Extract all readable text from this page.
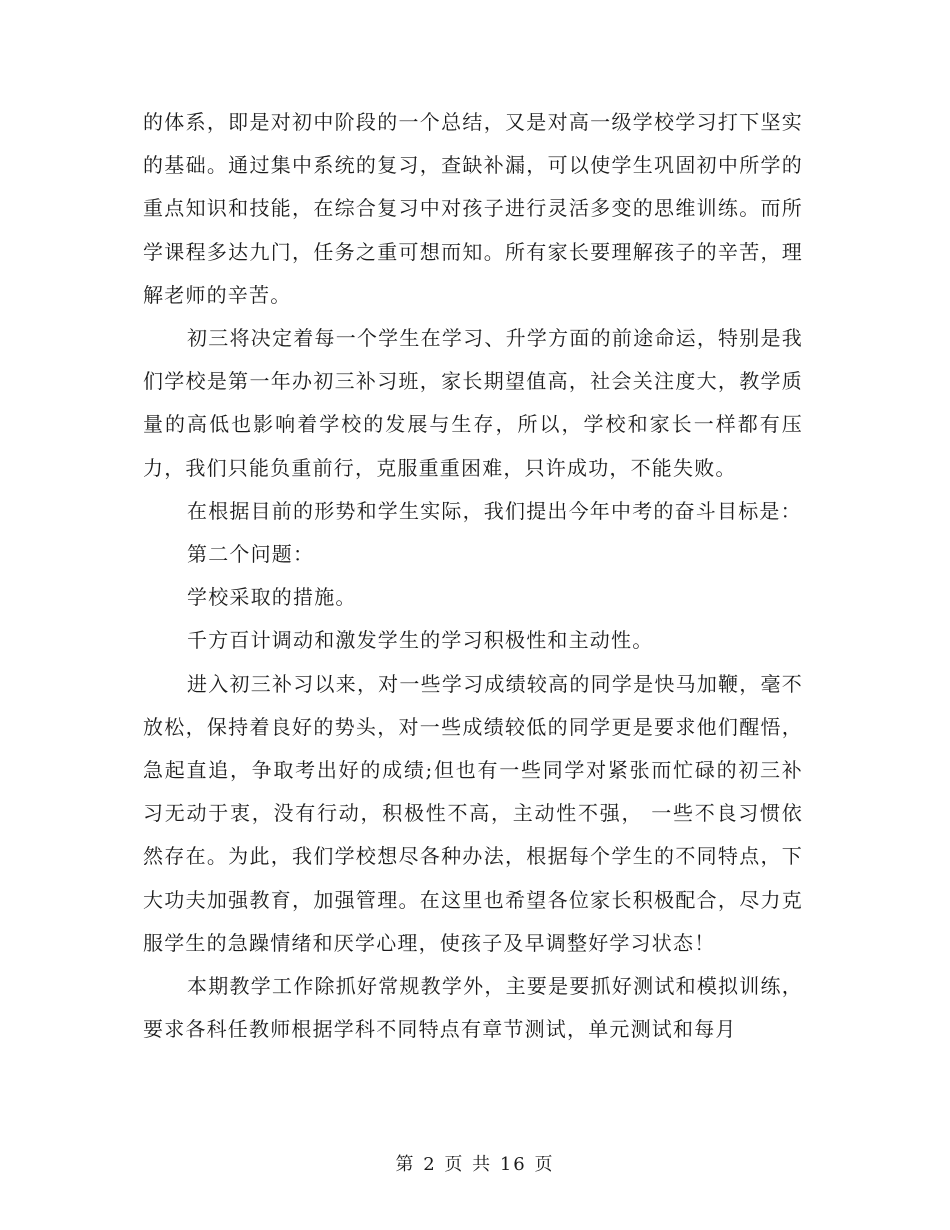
的体系，即是对初中阶段的一个总结，又是对高一级学校学习打下坚实的基础。通过集中系统的复习，查缺补漏，可以使学生巩固初中所学的重点知识和技能，在综合复习中对孩子进行灵活多变的思维训练。而所学课程多达九门，任务之重可想而知。所有家长要理解孩子的辛苦，理解老师的辛苦。

初三将决定着每一个学生在学习、升学方面的前途命运，特别是我们学校是第一年办初三补习班，家长期望值高，社会关注度大，教学质量的高低也影响着学校的发展与生存，所以，学校和家长一样都有压力，我们只能负重前行，克服重重困难，只许成功，不能失败。

在根据目前的形势和学生实际，我们提出今年中考的奋斗目标是：

第二个问题：

学校采取的措施。

千方百计调动和激发学生的学习积极性和主动性。

进入初三补习以来，对一些学习成绩较高的同学是快马加鞭，毫不放松，保持着良好的势头，对一些成绩较低的同学更是要求他们醒悟，急起直追，争取考出好的成绩;但也有一些同学对紧张而忙碌的初三补习无动于衷，没有行动，积极性不高，主动性不强， 一些不良习惯依然存在。为此，我们学校想尽各种办法，根据每个学生的不同特点，下大功夫加强教育，加强管理。在这里也希望各位家长积极配合，尽力克服学生的急躁情绪和厌学心理，使孩子及早调整好学习状态！

本期教学工作除抓好常规教学外，主要是要抓好测试和模拟训练，要求各科任教师根据学科不同特点有章节测试，单元测试和每月

第 2 页 共 16 页
